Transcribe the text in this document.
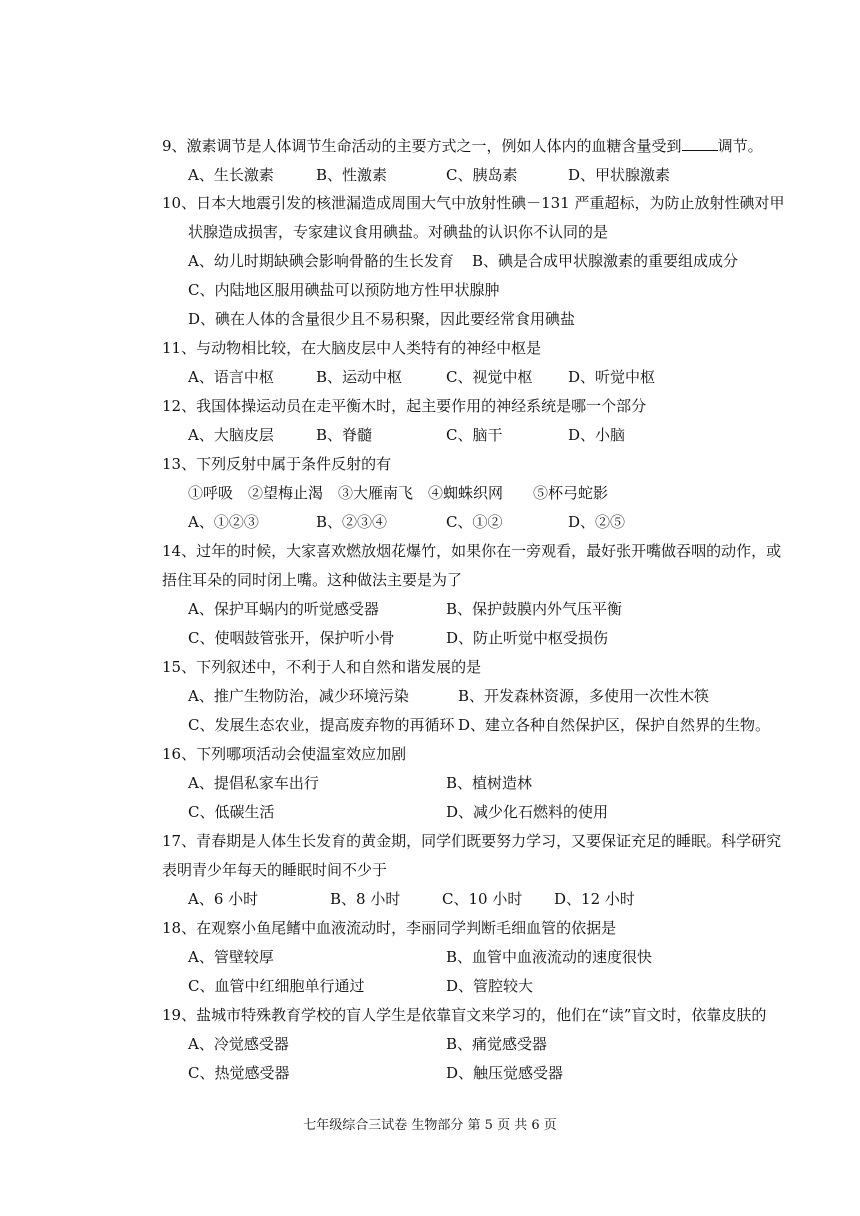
9、激素调节是人体调节生命活动的主要方式之一，例如人体内的血糖含量受到 调节。
A、生长激素	B、性激素	C、胰岛素	D、甲状腺激素
10、日本大地震引发的核泄漏造成周围大气中放射性碘－131 严重超标，为防止放射性碘对甲
状腺造成损害，专家建议食用碘盐。对碘盐的认识你不认同的是
A、幼儿时期缺碘会影响骨骼的生长发育 B、碘是合成甲状腺激素的重要组成成分
C、内陆地区服用碘盐可以预防地方性甲状腺肿
D、碘在人体的含量很少且不易积聚，因此要经常食用碘盐
11、与动物相比较，在大脑皮层中人类特有的神经中枢是
A、语言中枢	B、运动中枢	C、视觉中枢 D、听觉中枢
12、我国体操运动员在走平衡木时，起主要作用的神经系统是哪一个部分
A、大脑皮层	B、脊髓	C、脑干	D、小脑
13、下列反射中属于条件反射的有
①呼吸　②望梅止渴　③大雁南飞　④蜘蛛织网　　⑤杯弓蛇影
A、①②③	B、②③④	C、①②	D、②⑤
14、过年的时候，大家喜欢燃放烟花爆竹，如果你在一旁观看，最好张开嘴做吞咽的动作，或
捂住耳朵的同时闭上嘴。这种做法主要是为了
A、保护耳蜗内的听觉感受器	B、保护鼓膜内外气压平衡
C、使咽鼓管张开，保护听小骨	D、防止听觉中枢受损伤
15、下列叙述中，不利于人和自然和谐发展的是
A、推广生物防治，减少环境污染	B、开发森林资源，多使用一次性木筷
C、发展生态农业，提高废弃物的再循环 D、建立各种自然保护区，保护自然界的生物。
16、下列哪项活动会使温室效应加剧
A、提倡私家车出行	B、植树造林
C、低碳生活	D、减少化石燃料的使用
17、青春期是人体生长发育的黄金期，同学们既要努力学习，又要保证充足的睡眠。科学研究
表明青少年每天的睡眠时间不少于
A、6 小时	B、8 小时	C、10 小时 D、12 小时
18、在观察小鱼尾鳍中血液流动时，李丽同学判断毛细血管的依据是
A、管壁较厚	B、血管中血液流动的速度很快
C、血管中红细胞单行通过	D、管腔较大
19、盐城市特殊教育学校的盲人学生是依靠盲文来学习的，他们在“读”盲文时，依靠皮肤的
A、冷觉感受器	B、痛觉感受器
C、热觉感受器	D、触压觉感受器
七年级综合三试卷 生物部分 第 5 页 共 6 页
